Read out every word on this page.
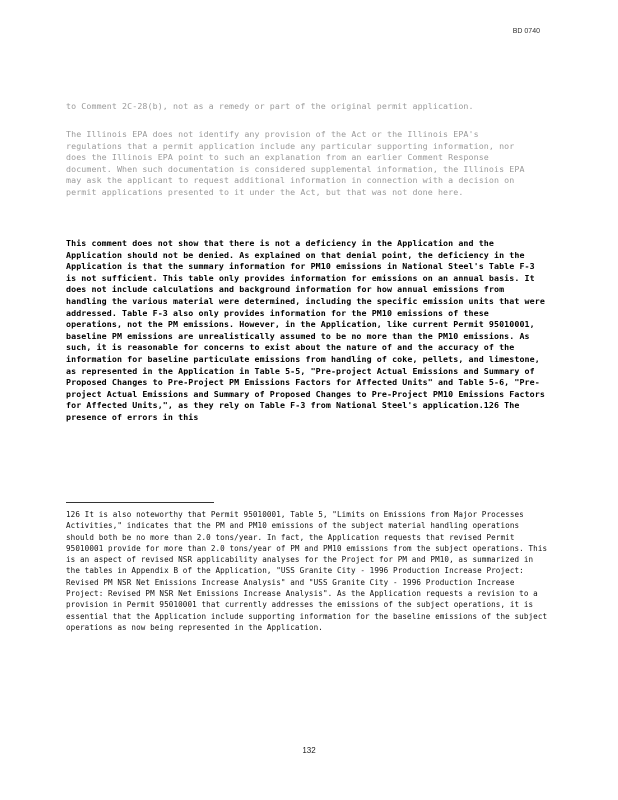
BD 0740

to Comment 2C-28(b), not as a remedy or part of the original permit application.

The Illinois EPA does not identify any provision of the Act or the Illinois EPA's regulations that a permit application include any particular supporting information, nor does the Illinois EPA point to such an explanation from an earlier Comment Response document. When such documentation is considered supplemental information, the Illinois EPA may ask the applicant to request additional information in connection with a decision on permit applications presented to it under the Act, but that was not done here.

This comment does not show that there is not a deficiency in the Application and the Application should not be denied. As explained on that denial point, the deficiency in the Application is that the summary information for PM10 emissions in National Steel's Table F-3 is not sufficient. This table only provides information for emissions on an annual basis. It does not include calculations and background information for how annual emissions from handling the various material were determined, including the specific emission units that were addressed. Table F-3 also only provides information for the PM10 emissions of these operations, not the PM emissions. However, in the Application, like current Permit 95010001, baseline PM emissions are unrealistically assumed to be no more than the PM10 emissions. As such, it is reasonable for concerns to exist about the nature of and the accuracy of the information for baseline particulate emissions from handling of coke, pellets, and limestone, as represented in the Application in Table 5-5, "Pre-project Actual Emissions and Summary of Proposed Changes to Pre-Project PM Emissions Factors for Affected Units" and Table 5-6, "Pre-project Actual Emissions and Summary of Proposed Changes to Pre-Project PM10 Emissions Factors for Affected Units,", as they rely on Table F-3 from National Steel's application.126 The presence of errors in this

126 It is also noteworthy that Permit 95010001, Table 5, "Limits on Emissions from Major Processes Activities," indicates that the PM and PM10 emissions of the subject material handling operations should both be no more than 2.0 tons/year. In fact, the Application requests that revised Permit 95010001 provide for more than 2.0 tons/year of PM and PM10 emissions from the subject operations. This is an aspect of revised NSR applicability analyses for the Project for PM and PM10, as summarized in the tables in Appendix B of the Application, "USS Granite City - 1996 Production Increase Project: Revised PM NSR Net Emissions Increase Analysis" and "USS Granite City - 1996 Production Increase Project: Revised PM NSR Net Emissions Increase Analysis". As the Application requests a revision to a provision in Permit 95010001 that currently addresses the emissions of the subject operations, it is essential that the Application include supporting information for the baseline emissions of the subject operations as now being represented in the Application.

132
